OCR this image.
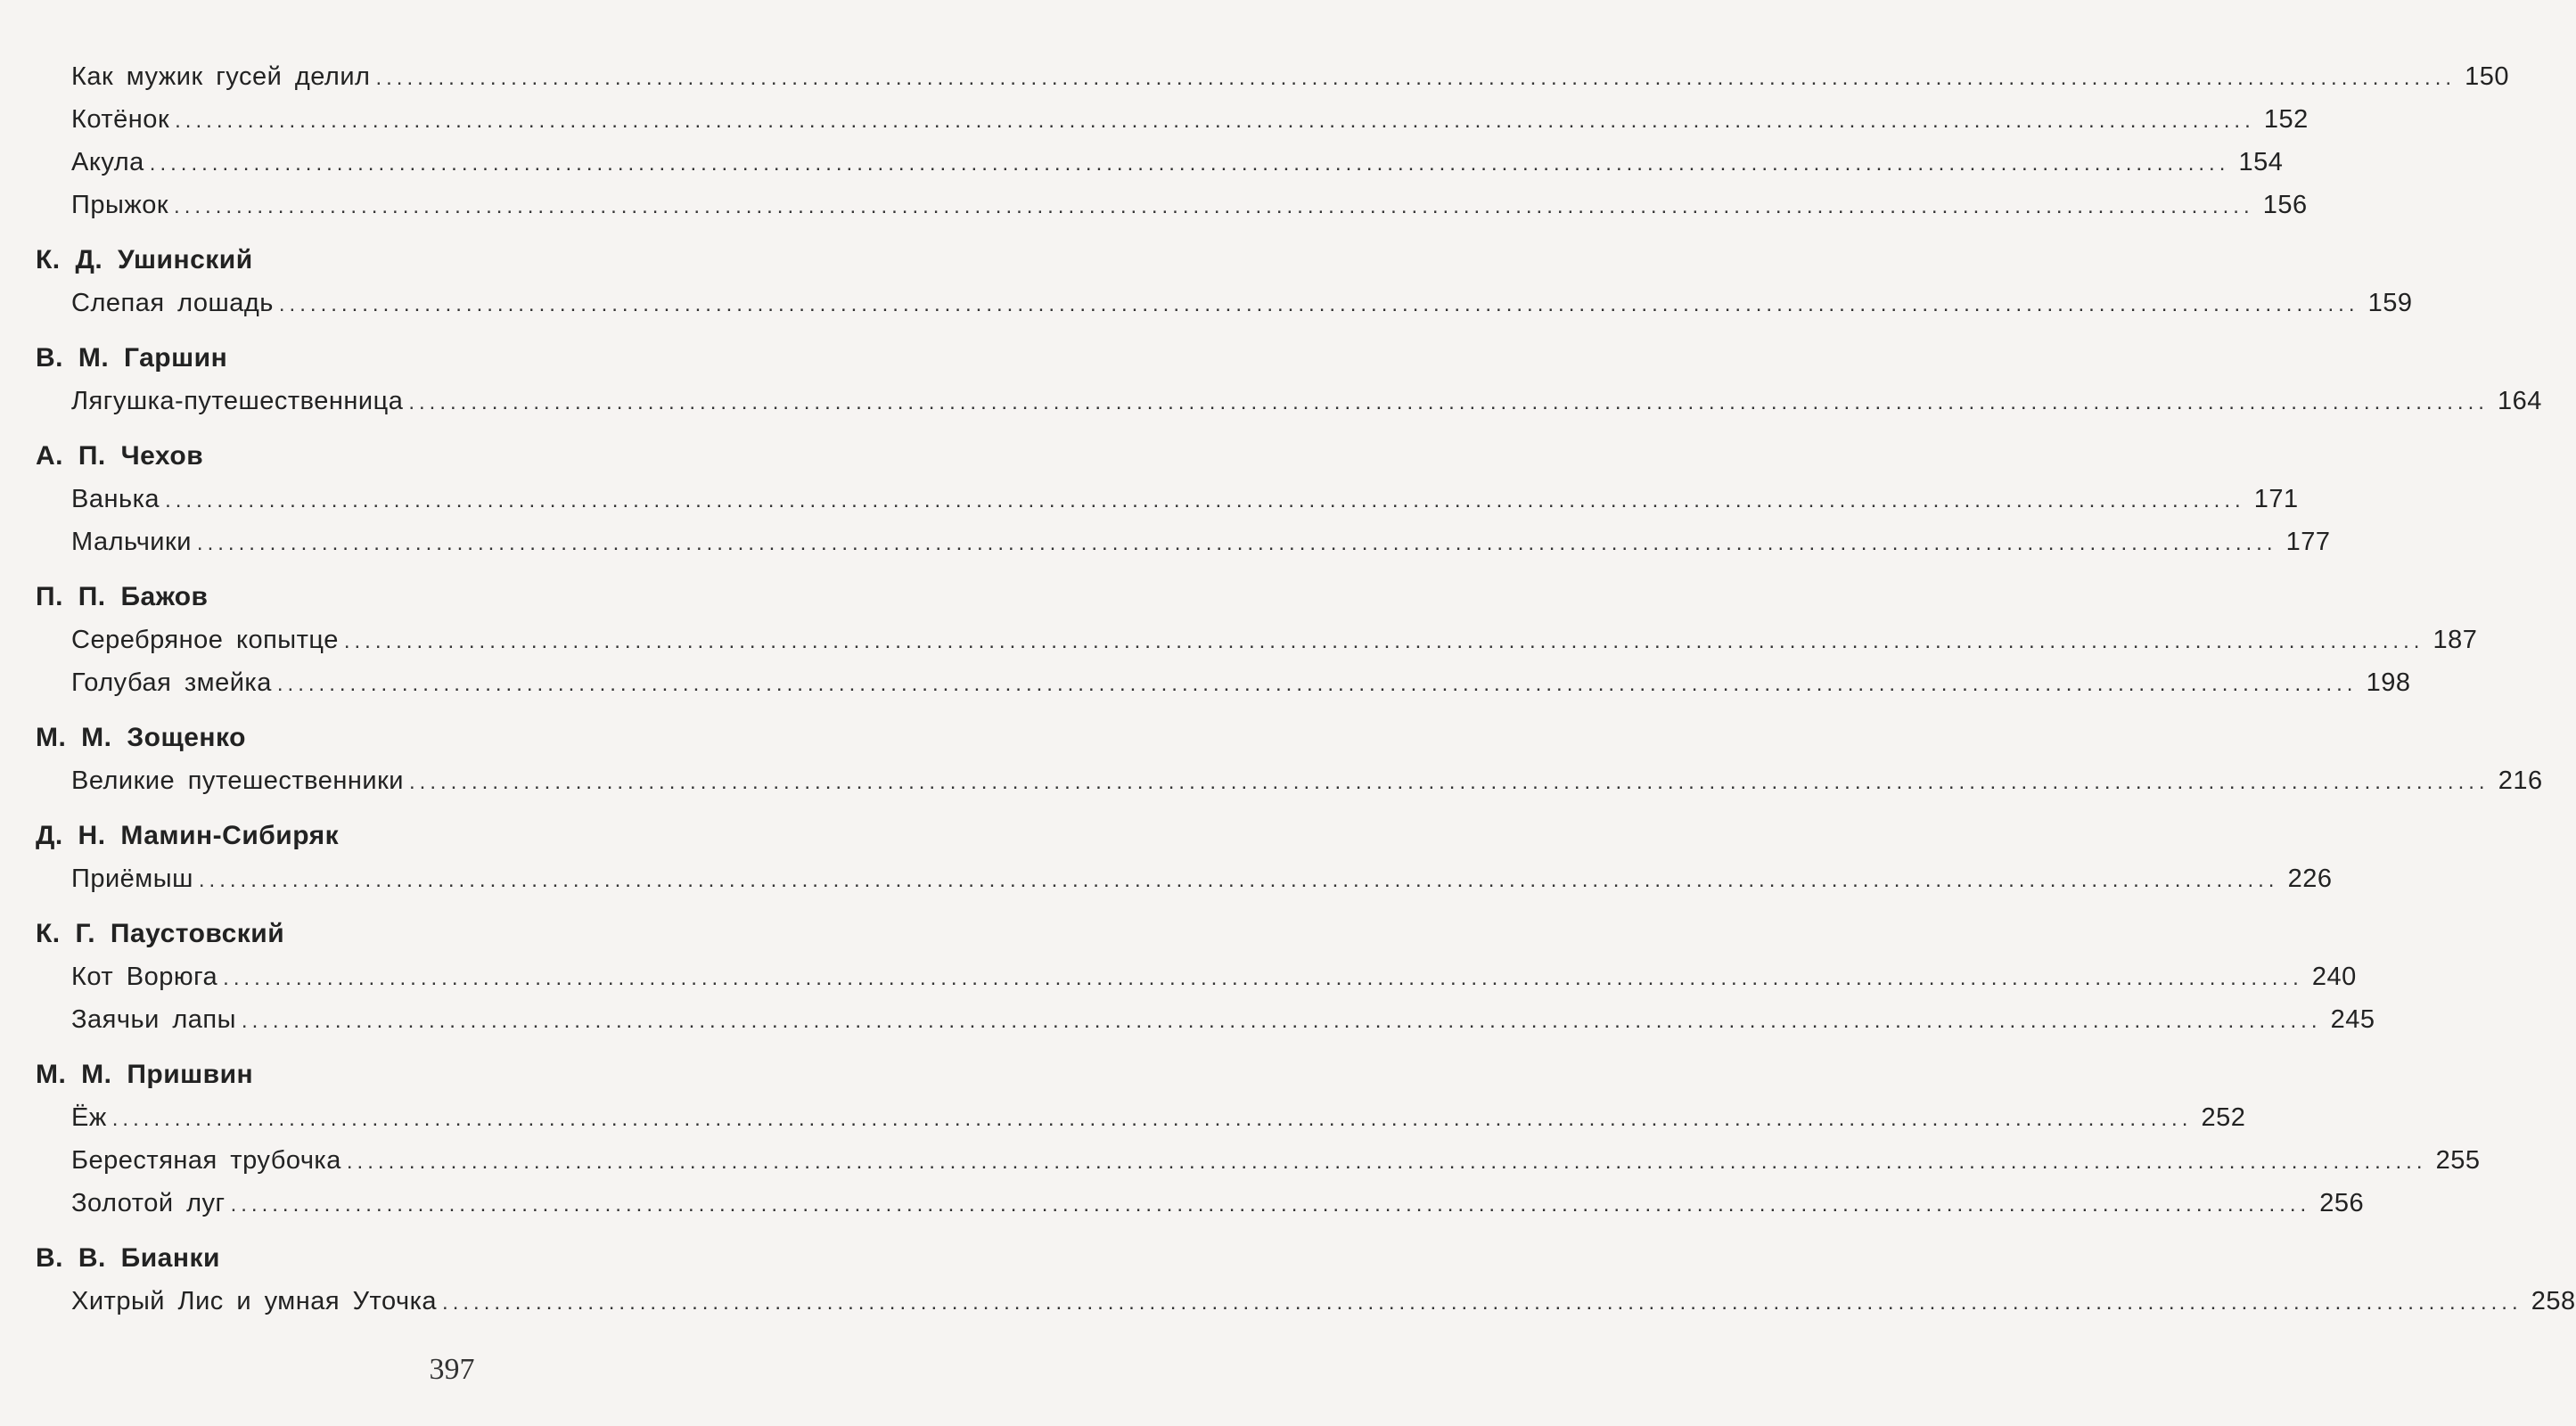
Как мужик гусей делил ........................................................................................................................................................................................................ 150
Котёнок ........................................................................................................................................................................................................ 152
Акула ........................................................................................................................................................................................................ 154
Прыжок ........................................................................................................................................................................................................ 156
К. Д. Ушинский
Слепая лошадь ........................................................................................................................................................................................................ 159
В. М. Гаршин
Лягушка-путешественница ........................................................................................................................................................................................................ 164
А. П. Чехов
Ванька ........................................................................................................................................................................................................ 171
Мальчики ........................................................................................................................................................................................................ 177
П. П. Бажов
Серебряное копытце ........................................................................................................................................................................................................ 187
Голубая змейка ........................................................................................................................................................................................................ 198
М. М. Зощенко
Великие путешественники ........................................................................................................................................................................................................ 216
Д. Н. Мамин-Сибиряк
Приёмыш ........................................................................................................................................................................................................ 226
К. Г. Паустовский
Кот Ворюга ........................................................................................................................................................................................................ 240
Заячьи лапы ........................................................................................................................................................................................................ 245
М. М. Пришвин
Ёж ........................................................................................................................................................................................................ 252
Берестяная трубочка ........................................................................................................................................................................................................ 255
Золотой луг ........................................................................................................................................................................................................ 256
В. В. Бианки
Хитрый Лис и умная Уточка ........................................................................................................................................................................................................ 258
397
